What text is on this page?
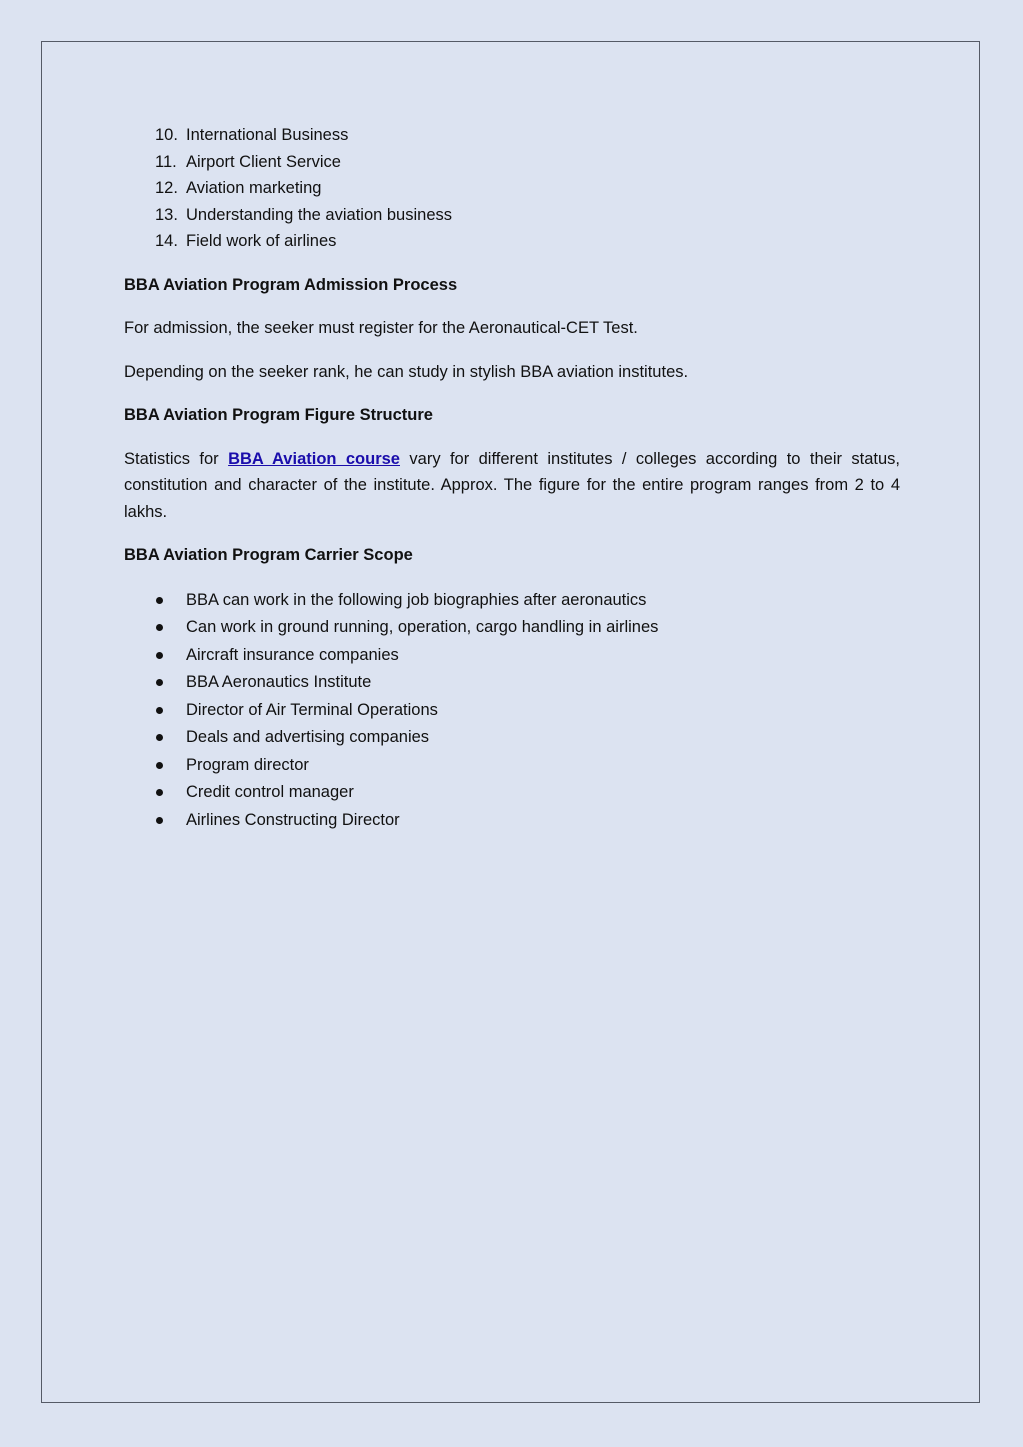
10. International Business
11. Airport Client Service
12. Aviation marketing
13. Understanding the aviation business
14. Field work of airlines
BBA Aviation Program Admission Process

For admission, the seeker must register for the Aeronautical-CET Test.

Depending on the seeker rank, he can study in stylish BBA aviation institutes.

BBA Aviation Program Figure Structure

Statistics for BBA Aviation course vary for different institutes / colleges according to their status, constitution and character of the institute. Approx. The figure for the entire program ranges from 2 to 4 lakhs.

BBA Aviation Program Carrier Scope
BBA can work in the following job biographies after aeronautics
Can work in ground running, operation, cargo handling in airlines
Aircraft insurance companies
BBA Aeronautics Institute
Director of Air Terminal Operations
Deals and advertising companies
Program director
Credit control manager
Airlines Constructing Director
